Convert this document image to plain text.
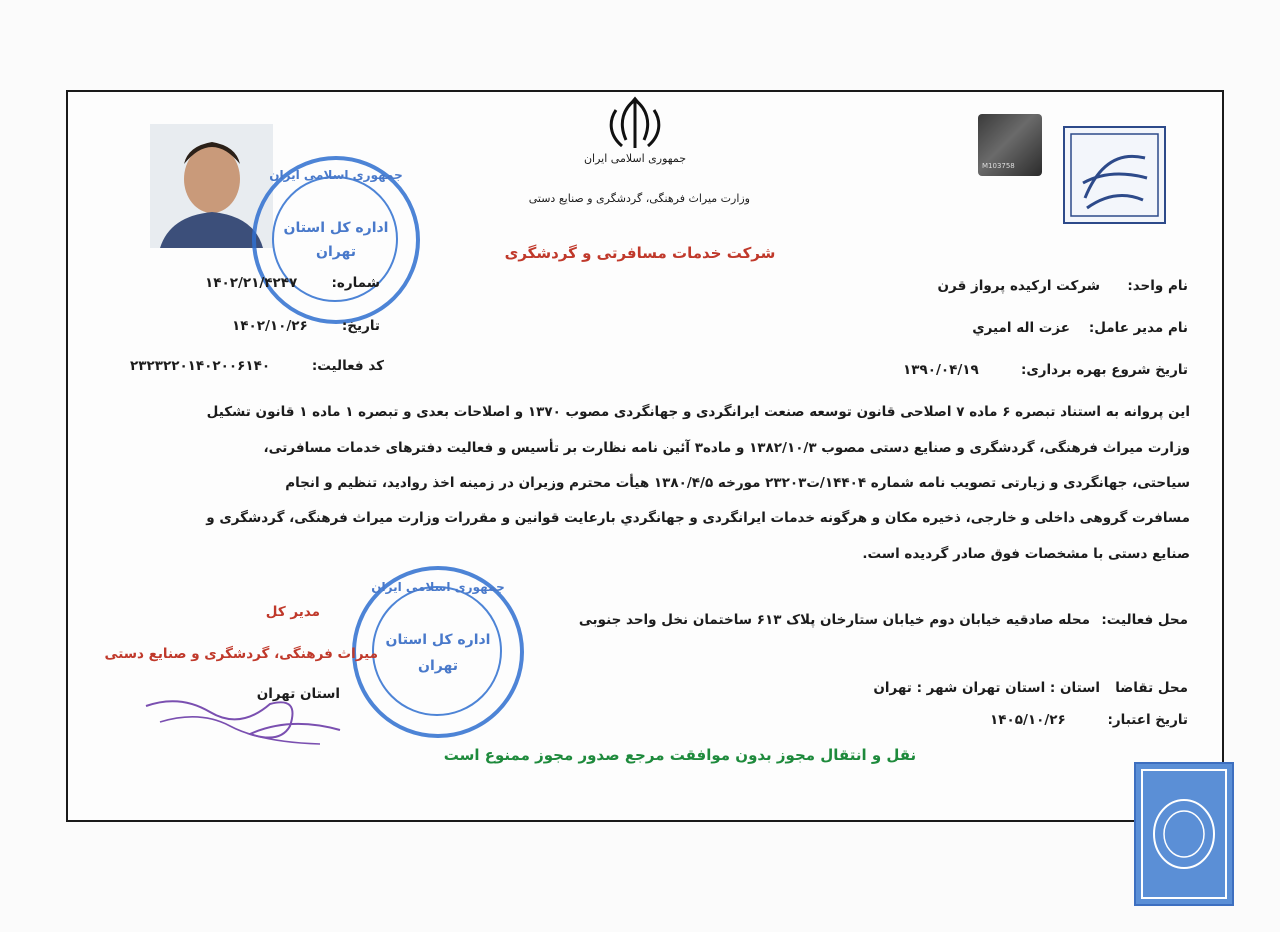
M103758
جمهوری اسلامی ایران
وزارت میراث فرهنگی، گردشگری و صنایع دستی
شرکت خدمات مسافرتی و گردشگری
جمهوری اسلامی ایران
اداره کل استان
تهران
شماره:
۱۴۰۲/۲۱/۴۲۴۷
تاریخ:
۱۴۰۲/۱۰/۲۶
کد فعالیت:
۲۳۲۳۲۲۰۱۴۰۲۰۰۶۱۴۰
نام واحد:
شرکت ارکیده پرواز قرن
نام مدیر عامل:
عزت اله امیري
تاریخ شروع بهره برداری:
۱۳۹۰/۰۴/۱۹
این پروانه به استناد تبصره ۶ ماده ۷ اصلاحی قانون توسعه صنعت ایرانگردی و جهانگردی مصوب ۱۳۷۰ و اصلاحات بعدی و تبصره ۱ ماده ۱ قانون تشکیل
وزارت میراث فرهنگی، گردشگری و صنایع دستی مصوب ۱۳۸۲/۱۰/۳ و ماده۳ آئین نامه نظارت بر تأسیس و فعالیت دفترهای خدمات مسافرتی،
سیاحتی، جهانگردی و زیارتی تصویب نامه شماره ۱۴۴۰۴/ت۲۳۲۰۳ مورخه ۱۳۸۰/۴/۵ هیأت محترم وزیران در زمینه اخذ روادید، تنظیم و انجام
مسافرت گروهی داخلی و خارجی، ذخیره مکان و هرگونه خدمات ایرانگردی و جهانگردي بارعایت قوانین و مقررات وزارت میراث فرهنگی، گردشگری و
صنایع دستی با مشخصات فوق صادر گردیده است.
محل فعالیت:
محله صادقیه خیابان دوم خیابان ستارخان پلاک ۶۱۳ ساختمان نخل واحد جنوبی
محل تقاضا
استان : استان تهران شهر : تهران
تاریخ اعتبار:
۱۴۰۵/۱۰/۲۶
جمهوری اسلامی ایران
اداره کل استان
تهران
مدیر کل
میراث فرهنگی، گردشگری و صنایع دستی
استان تهران
نقل و انتقال مجوز بدون موافقت مرجع صدور مجوز ممنوع است
